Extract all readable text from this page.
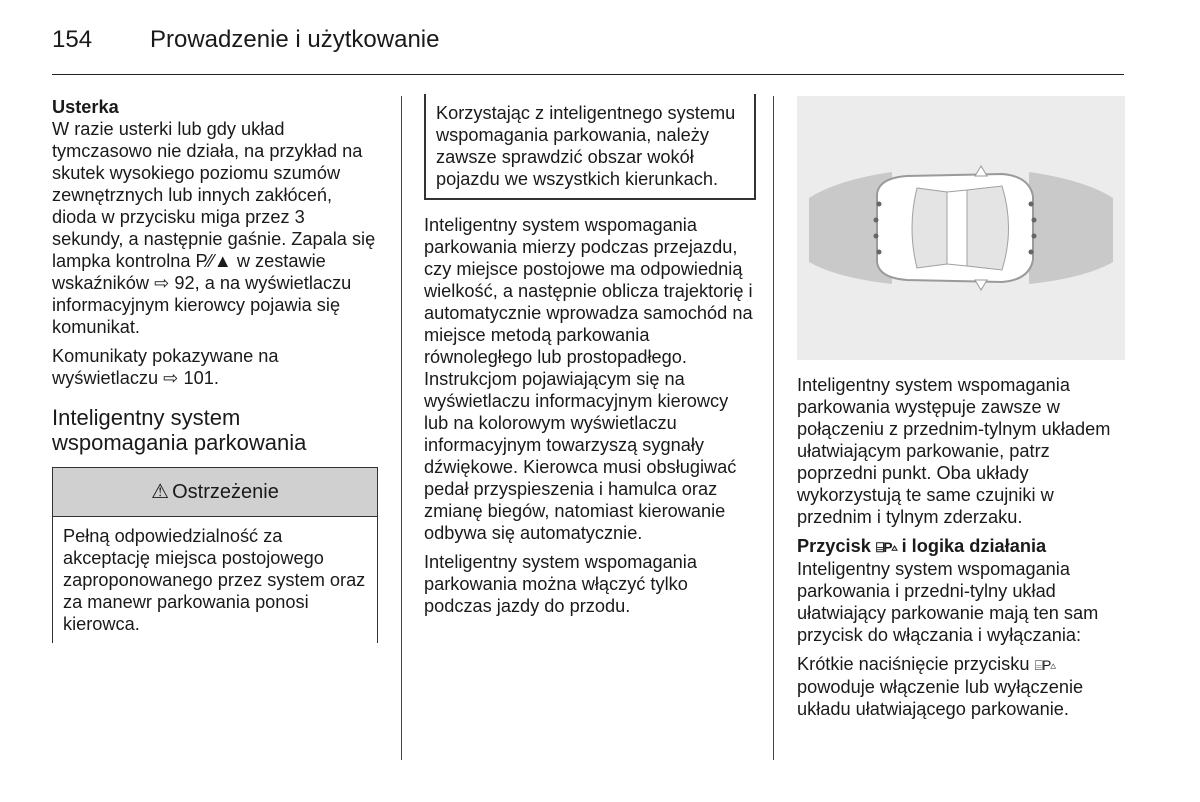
154 Prowadzenie i użytkowanie

Usterka

W razie usterki lub gdy układ tymczasowo nie działa, na przykład na skutek wysokiego poziomu szumów zewnętrznych lub innych zakłóceń, dioda w przycisku miga przez 3 sekundy, a następnie gaśnie. Zapala się lampka kontrolna P⁄⁄▲ w zestawie wskaźników ⇨ 92, a na wyświetlaczu informacyjnym kierowcy pojawia się komunikat.

Komunikaty pokazywane na wyświetlaczu ⇨ 101.

Inteligentny system
wspomagania parkowania
⚠ Ostrzeżenie
Pełną odpowiedzialność za akceptację miejsca postojowego zaproponowanego przez system oraz za manewr parkowania ponosi kierowca.
Korzystając z inteligentnego systemu wspomagania parkowania, należy zawsze sprawdzić obszar wokół pojazdu we wszystkich kierunkach.

Inteligentny system wspomagania parkowania mierzy podczas przejazdu, czy miejsce postojowe ma odpowiednią wielkość, a następnie oblicza trajektorię i automatycznie wprowadza samochód na miejsce metodą parkowania równoległego lub prostopadłego. Instrukcjom pojawiającym się na wyświetlaczu informacyjnym kierowcy lub na kolorowym wyświetlaczu informacyjnym towarzyszą sygnały dźwiękowe. Kierowca musi obsługiwać pedał przyspieszenia i hamulca oraz zmianę biegów, natomiast kierowanie odbywa się automatycznie.

Inteligentny system wspomagania parkowania można włączyć tylko podczas jazdy do przodu.

Inteligentny system wspomagania parkowania występuje zawsze w połączeniu z przednim-tylnym układem ułatwiającym parkowanie, patrz poprzedni punkt. Oba układy wykorzystują te same czujniki w przednim i tylnym zderzaku.

Przycisk ⌸P▵ i logika działania

Inteligentny system wspomagania parkowania i przedni-tylny układ ułatwiający parkowanie mają ten sam przycisk do włączania i wyłączania:

Krótkie naciśnięcie przycisku ⌸P▵ powoduje włączenie lub wyłączenie układu ułatwiającego parkowanie.
